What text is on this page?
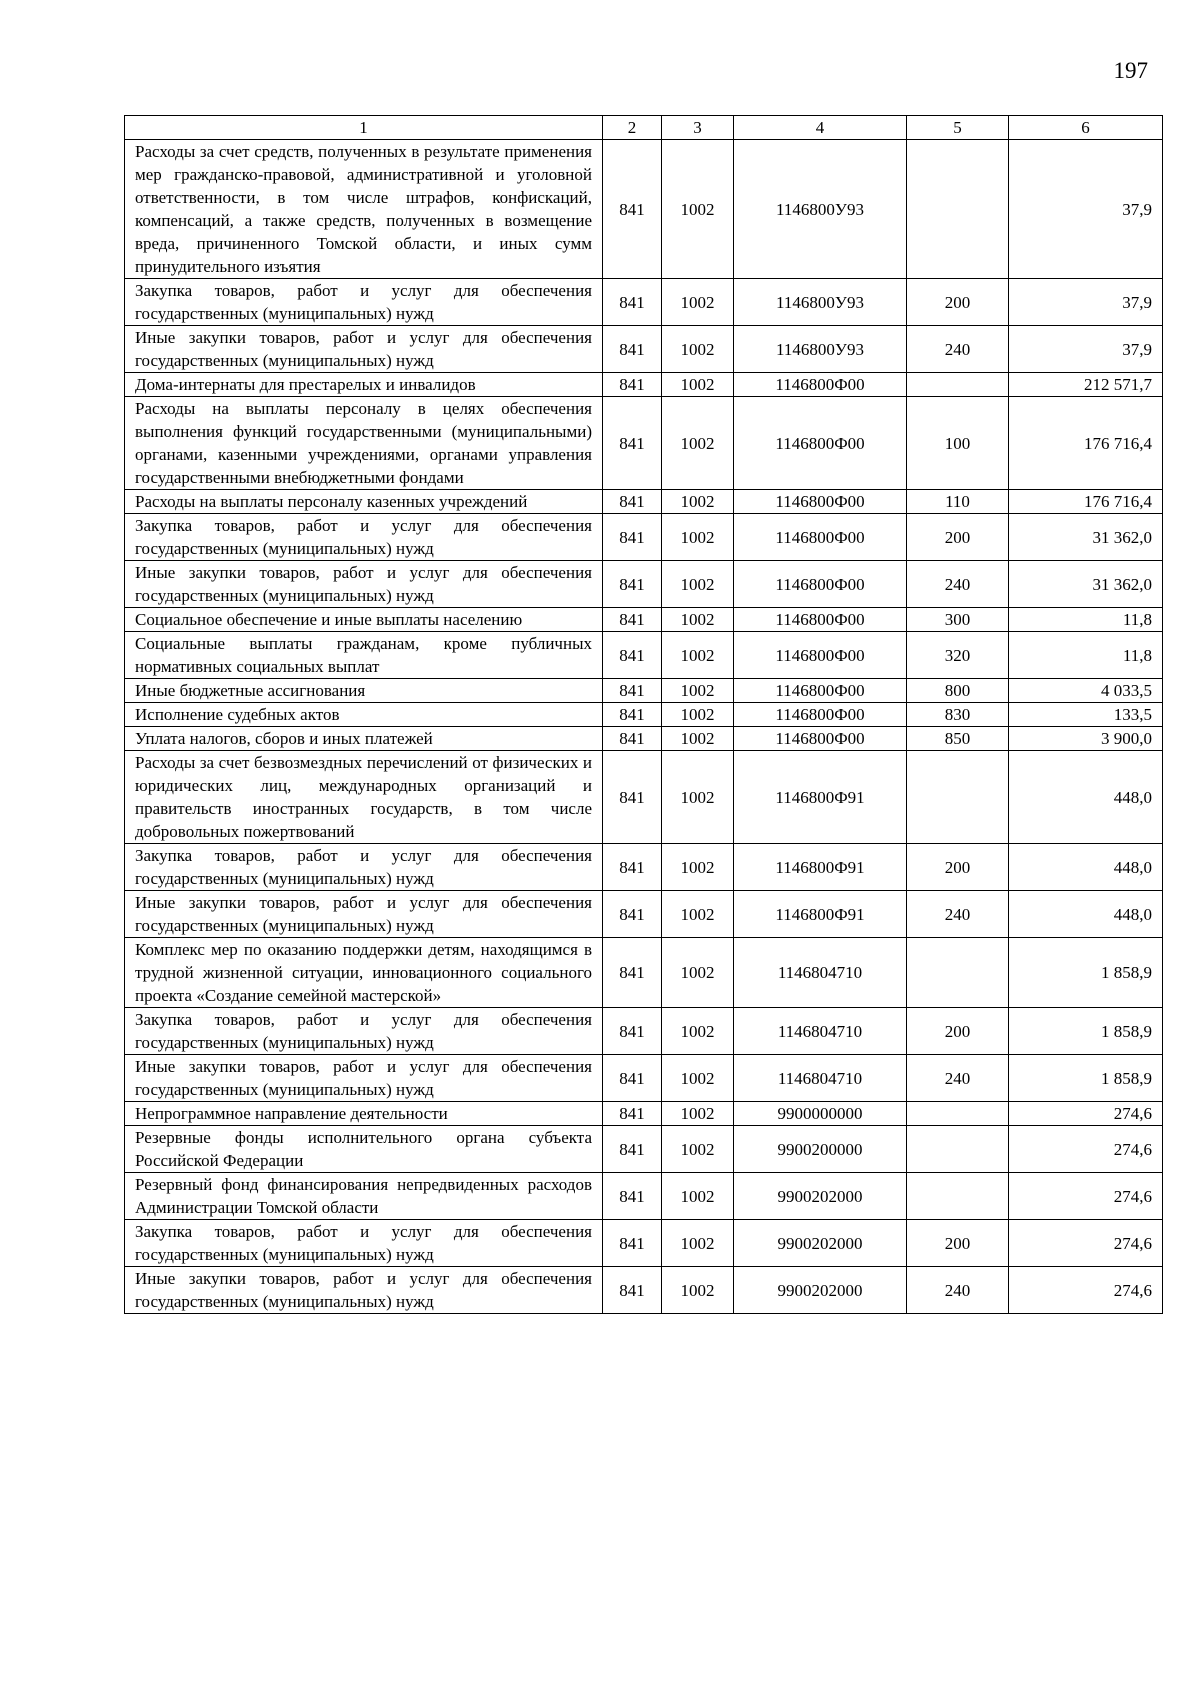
197
1	2	3	4	5	6
Расходы за счет средств, полученных в результате применения мер гражданско-правовой, административной и уголовной ответственности, в том числе штрафов, конфискаций, компенсаций, а также средств, полученных в возмещение вреда, причиненного Томской области, и иных сумм принудительного изъятия	841	1002	1146800У93		37,9
Закупка товаров, работ и услуг для обеспечения государственных (муниципальных) нужд	841	1002	1146800У93	200	37,9
Иные закупки товаров, работ и услуг для обеспечения государственных (муниципальных) нужд	841	1002	1146800У93	240	37,9
Дома-интернаты для престарелых и инвалидов	841	1002	1146800Ф00		212 571,7
Расходы на выплаты персоналу в целях обеспечения выполнения функций государственными (муниципальными) органами, казенными учреждениями, органами управления государственными внебюджетными фондами	841	1002	1146800Ф00	100	176 716,4
Расходы на выплаты персоналу казенных учреждений	841	1002	1146800Ф00	110	176 716,4
Закупка товаров, работ и услуг для обеспечения государственных (муниципальных) нужд	841	1002	1146800Ф00	200	31 362,0
Иные закупки товаров, работ и услуг для обеспечения государственных (муниципальных) нужд	841	1002	1146800Ф00	240	31 362,0
Социальное обеспечение и иные выплаты населению	841	1002	1146800Ф00	300	11,8
Социальные выплаты гражданам, кроме публичных нормативных социальных выплат	841	1002	1146800Ф00	320	11,8
Иные бюджетные ассигнования	841	1002	1146800Ф00	800	4 033,5
Исполнение судебных актов	841	1002	1146800Ф00	830	133,5
Уплата налогов, сборов и иных платежей	841	1002	1146800Ф00	850	3 900,0
Расходы за счет безвозмездных перечислений от физических и юридических лиц, международных организаций и правительств иностранных государств, в том числе добровольных пожертвований	841	1002	1146800Ф91		448,0
Закупка товаров, работ и услуг для обеспечения государственных (муниципальных) нужд	841	1002	1146800Ф91	200	448,0
Иные закупки товаров, работ и услуг для обеспечения государственных (муниципальных) нужд	841	1002	1146800Ф91	240	448,0
Комплекс мер по оказанию поддержки детям, находящимся в трудной жизненной ситуации, инновационного социального проекта «Создание семейной мастерской»	841	1002	1146804710		1 858,9
Закупка товаров, работ и услуг для обеспечения государственных (муниципальных) нужд	841	1002	1146804710	200	1 858,9
Иные закупки товаров, работ и услуг для обеспечения государственных (муниципальных) нужд	841	1002	1146804710	240	1 858,9
Непрограммное направление деятельности	841	1002	9900000000		274,6
Резервные фонды исполнительного органа субъекта Российской Федерации	841	1002	9900200000		274,6
Резервный фонд финансирования непредвиденных расходов Администрации Томской области	841	1002	9900202000		274,6
Закупка товаров, работ и услуг для обеспечения государственных (муниципальных) нужд	841	1002	9900202000	200	274,6
Иные закупки товаров, работ и услуг для обеспечения государственных (муниципальных) нужд	841	1002	9900202000	240	274,6
